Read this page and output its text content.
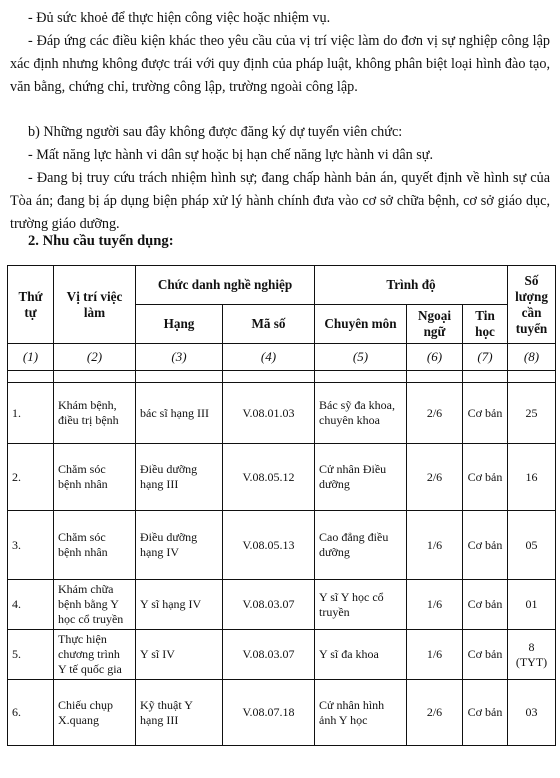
- Đủ sức khoẻ để thực hiện công việc hoặc nhiệm vụ.

- Đáp ứng các điều kiện khác theo yêu cầu của vị trí việc làm do đơn vị sự nghiệp công lập xác định nhưng không được trái với quy định của pháp luật, không phân biệt loại hình đào tạo, văn bằng, chứng chỉ, trường công lập, trường ngoài công lập.

b) Những người sau đây không được đăng ký dự tuyển viên chức:

- Mất năng lực hành vi dân sự hoặc bị hạn chế năng lực hành vi dân sự.

- Đang bị truy cứu trách nhiệm hình sự; đang chấp hành bản án, quyết định về hình sự của Tòa án; đang bị áp dụng biện pháp xử lý hành chính đưa vào cơ sở chữa bệnh, cơ sở giáo dục, trường giáo dưỡng.

2. Nhu cầu tuyển dụng:

Thứ tự	Vị trí việc làm	Chức danh nghề nghiệp		Trình độ			Số lượng cần tuyển
		Hạng	Mã số	Chuyên môn	Ngoại ngữ	Tin học	
(1)	(2)	(3)	(4)	(5)	(6)	(7)	(8)

1.	Khám bệnh, điều trị bệnh	bác sĩ hạng III	V.08.01.03	Bác sỹ đa khoa, chuyên khoa	2/6	Cơ bản	25
2.	Chăm sóc bệnh nhân	Điều dưỡng hạng III	V.08.05.12	Cử nhân Điều dưỡng	2/6	Cơ bản	16
3.	Chăm sóc bệnh nhân	Điều dưỡng hạng IV	V.08.05.13	Cao đẳng điều dưỡng	1/6	Cơ bản	05
4.	Khám chữa bệnh bằng Y học cổ truyền	Y sĩ hạng IV	V.08.03.07	Y sĩ Y học cổ truyền	1/6	Cơ bản	01
5.	Thực hiện chương trình Y tế quốc gia	Y sĩ IV	V.08.03.07	Y sĩ đa khoa	1/6	Cơ bản	8 (TYT)
6.	Chiếu chụp X.quang	Kỹ thuật Y hạng III	V.08.07.18	Cử nhân hình ảnh Y học	2/6	Cơ bản	03
